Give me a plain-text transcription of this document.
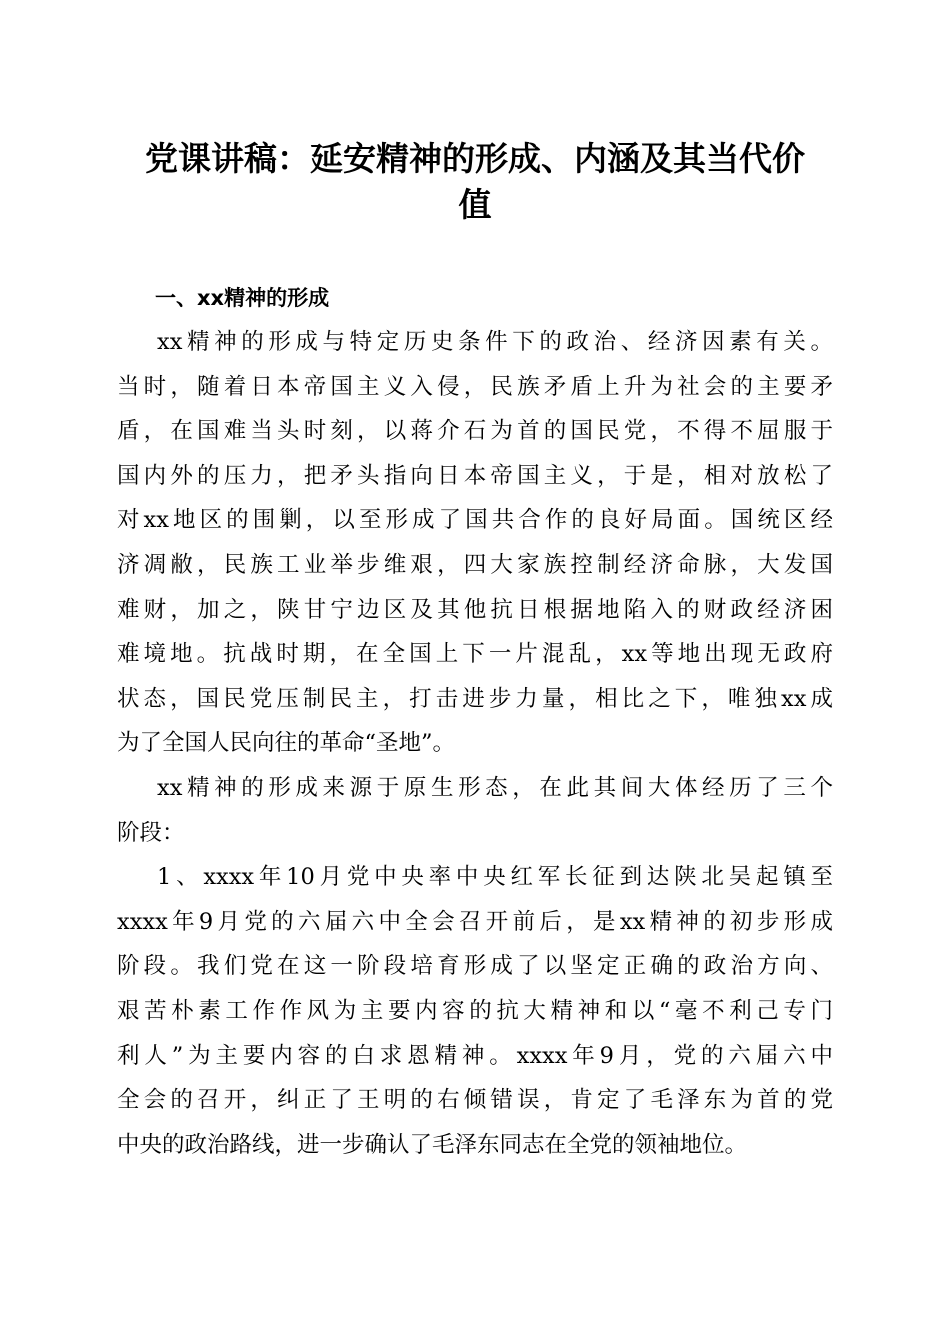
党课讲稿：延安精神的形成、内涵及其当代价
值
一、xx精神的形成
xx精神的形成与特定历史条件下的政治、经济因素有关。
当时，随着日本帝国主义入侵，民族矛盾上升为社会的主要矛
盾，在国难当头时刻，以蒋介石为首的国民党，不得不屈服于
国内外的压力，把矛头指向日本帝国主义，于是，相对放松了
对xx地区的围剿，以至形成了国共合作的良好局面。国统区经
济凋敝，民族工业举步维艰，四大家族控制经济命脉，大发国
难财，加之，陕甘宁边区及其他抗日根据地陷入的财政经济困
难境地。抗战时期，在全国上下一片混乱，xx等地出现无政府
状态，国民党压制民主，打击进步力量，相比之下，唯独xx成
为了全国人民向往的革命“圣地”。
xx精神的形成来源于原生形态，在此其间大体经历了三个
阶段：
1、xxxx年10月党中央率中央红军长征到达陕北吴起镇至
xxxx年9月党的六届六中全会召开前后，是xx精神的初步形成
阶段。我们党在这一阶段培育形成了以坚定正确的政治方向、
艰苦朴素工作作风为主要内容的抗大精神和以“毫不利己专门
利人”为主要内容的白求恩精神。xxxx年9月，党的六届六中
全会的召开，纠正了王明的右倾错误，肯定了毛泽东为首的党
中央的政治路线，进一步确认了毛泽东同志在全党的领袖地位。
